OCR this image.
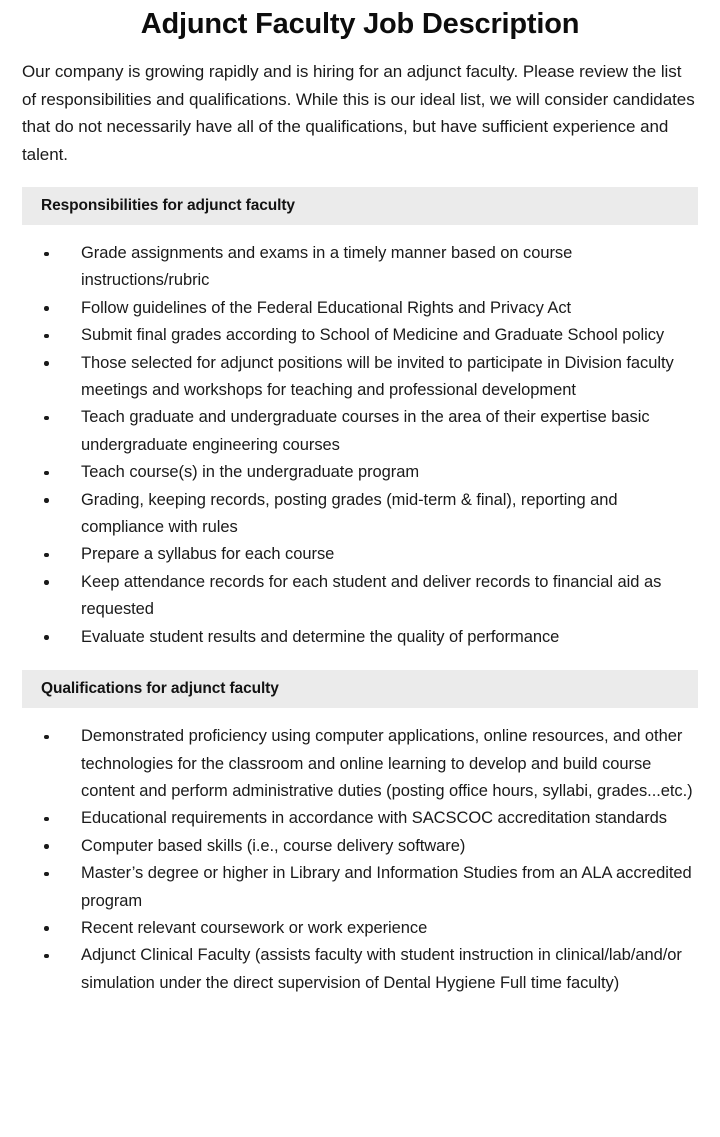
Adjunct Faculty Job Description

Our company is growing rapidly and is hiring for an adjunct faculty. Please review the list of responsibilities and qualifications. While this is our ideal list, we will consider candidates that do not necessarily have all of the qualifications, but have sufficient experience and talent.

Responsibilities for adjunct faculty
Grade assignments and exams in a timely manner based on course instructions/rubric
Follow guidelines of the Federal Educational Rights and Privacy Act
Submit final grades according to School of Medicine and Graduate School policy
Those selected for adjunct positions will be invited to participate in Division faculty meetings and workshops for teaching and professional development
Teach graduate and undergraduate courses in the area of their expertise basic undergraduate engineering courses
Teach course(s) in the undergraduate program
Grading, keeping records, posting grades (mid-term & final), reporting and compliance with rules
Prepare a syllabus for each course
Keep attendance records for each student and deliver records to financial aid as requested
Evaluate student results and determine the quality of performance
Qualifications for adjunct faculty
Demonstrated proficiency using computer applications, online resources, and other technologies for the classroom and online learning to develop and build course content and perform administrative duties (posting office hours, syllabi, grades...etc.)
Educational requirements in accordance with SACSCOC accreditation standards
Computer based skills (i.e., course delivery software)
Master’s degree or higher in Library and Information Studies from an ALA accredited program
Recent relevant coursework or work experience
Adjunct Clinical Faculty (assists faculty with student instruction in clinical/lab/and/or simulation under the direct supervision of Dental Hygiene Full time faculty)
